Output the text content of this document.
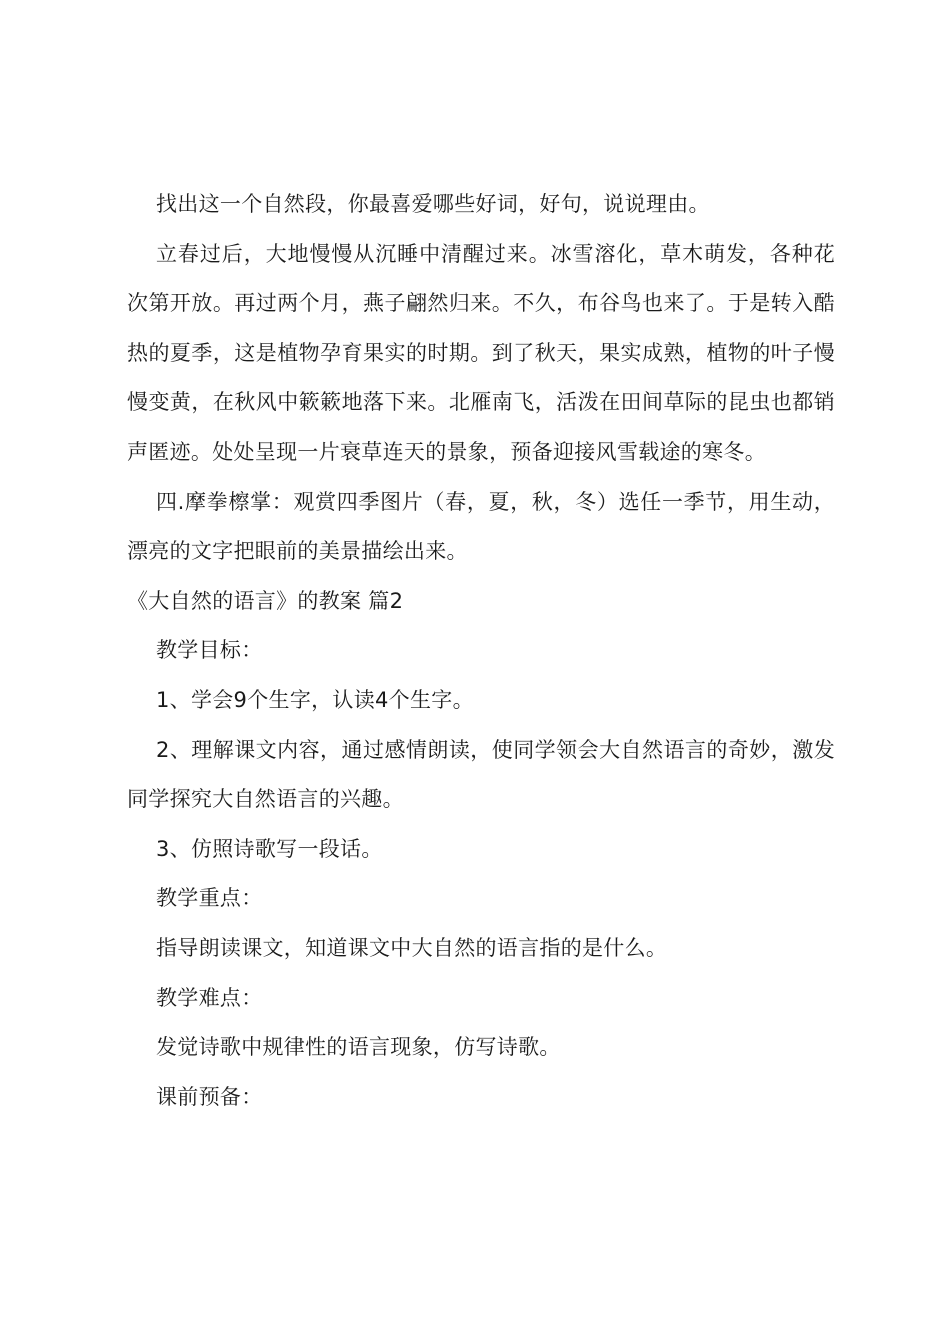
找出这一个自然段，你最喜爱哪些好词，好句，说说理由。

立春过后，大地慢慢从沉睡中清醒过来。冰雪溶化，草木萌发，各种花次第开放。再过两个月，燕子翩然归来。不久，布谷鸟也来了。于是转入酷热的夏季，这是植物孕育果实的时期。到了秋天，果实成熟，植物的叶子慢慢变黄，在秋风中簌簌地落下来。北雁南飞，活泼在田间草际的昆虫也都销声匿迹。处处呈现一片衰草连天的景象，预备迎接风雪载途的寒冬。

四.摩拳檫掌：观赏四季图片（春，夏，秋，冬）选任一季节，用生动，漂亮的文字把眼前的美景描绘出来。

《大自然的语言》的教案 篇2

教学目标：

1、学会9个生字，认读4个生字。

2、理解课文内容，通过感情朗读，使同学领会大自然语言的奇妙，激发同学探究大自然语言的兴趣。

3、仿照诗歌写一段话。

教学重点：

指导朗读课文，知道课文中大自然的语言指的是什么。

教学难点：

发觉诗歌中规律性的语言现象，仿写诗歌。

课前预备：
